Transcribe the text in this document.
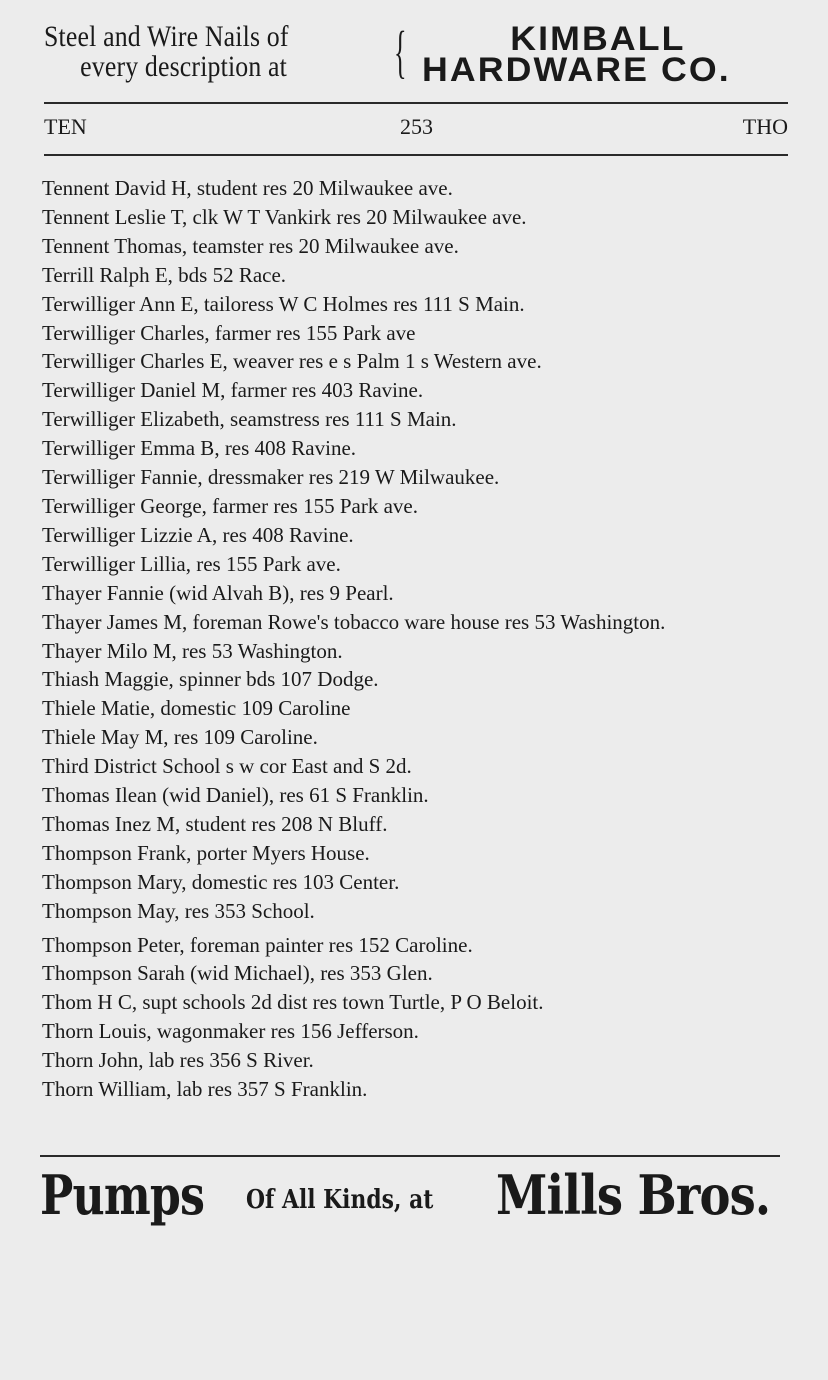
Steel and Wire Nails of
every description at	{	KIMBALL
HARDWARE CO.
TEN	253	THO
Tennent David H, student res 20 Milwaukee ave.
Tennent Leslie T, clk W T Vankirk res 20 Milwaukee ave.
Tennent Thomas, teamster res 20 Milwaukee ave.
Terrill Ralph E, bds 52 Race.
Terwilliger Ann E, tailoress W C Holmes res 111 S Main.
Terwilliger Charles, farmer res 155 Park ave
Terwilliger Charles E, weaver res e s Palm 1 s Western ave.
Terwilliger Daniel M, farmer res 403 Ravine.
Terwilliger Elizabeth, seamstress res 111 S Main.
Terwilliger Emma B, res 408 Ravine.
Terwilliger Fannie, dressmaker res 219 W Milwaukee.
Terwilliger George, farmer res 155 Park ave.
Terwilliger Lizzie A, res 408 Ravine.
Terwilliger Lillia, res 155 Park ave.
Thayer Fannie (wid Alvah B), res 9 Pearl.
Thayer James M, foreman Rowe's tobacco ware house res 53 Washington.
Thayer Milo M, res 53 Washington.
Thiash Maggie, spinner bds 107 Dodge.
Thiele Matie, domestic 109 Caroline
Thiele May M, res 109 Caroline.
Third District School s w cor East and S 2d.
Thomas Ilean (wid Daniel), res 61 S Franklin.
Thomas Inez M, student res 208 N Bluff.
Thompson Frank, porter Myers House.
Thompson Mary, domestic res 103 Center.
Thompson May, res 353 School.
Thompson Peter, foreman painter res 152 Caroline.
Thompson Sarah (wid Michael), res 353 Glen.
Thom H C, supt schools 2d dist res town Turtle, P O Beloit.
Thorn Louis, wagonmaker res 156 Jefferson.
Thorn John, lab res 356 S River.
Thorn William, lab res 357 S Franklin.
Pumps Of All Kinds, at Mills Bros.
